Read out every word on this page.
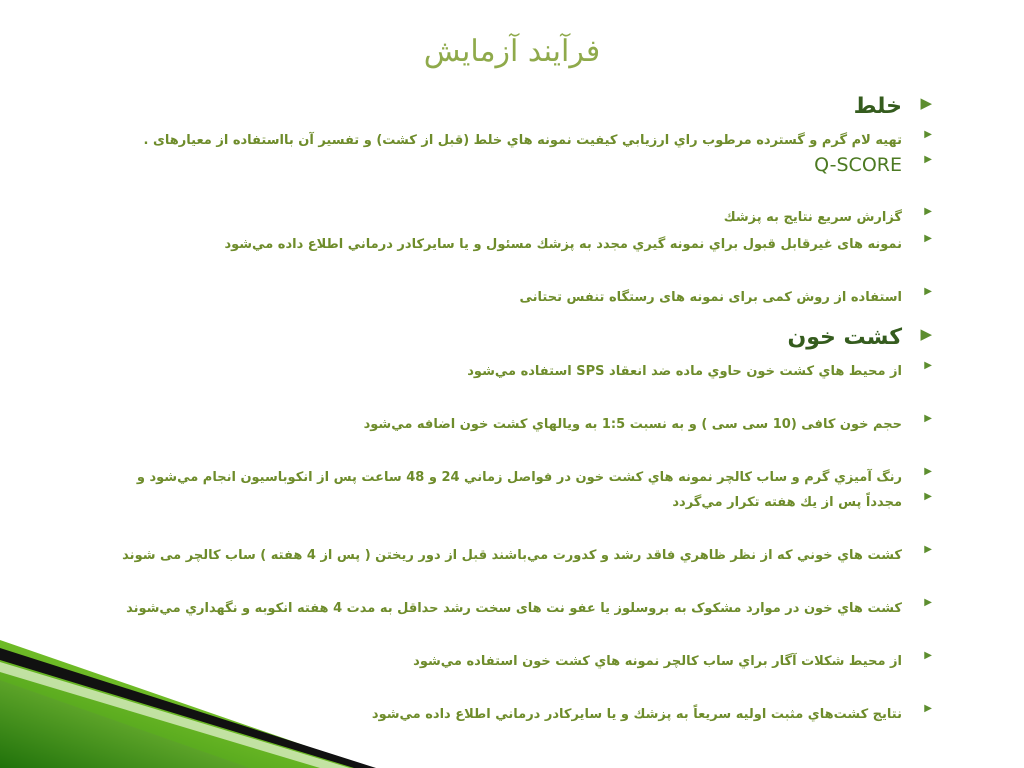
فرآيند آزمايش
▶
خلط
▶
تهيه لام گرم و گسترده مرطوب راي ارزيابي كيفيت نمونه هاي خلط (قبل از كشت) و تفسير آن بااستفاده از معيارهای .
▶
Q-SCORE
▶
گزارش سريع نتايج به پزشك
▶
نمونه های غيرقابل قبول براي نمونه گيري مجدد به پزشك مسئول و يا سايركادر درماني اطلاع داده مي‌شود
▶
استفاده از روش کمی برای نمونه های رستگاه تنفس تحتانی
▶
کشت خون
▶
از محيط هاي كشت خون حاوي ماده ضد انعقاد SPS استفاده مي‌شود
▶
حجم خون کافی (10 سی سی ) و به نسبت 1:5 به ويالهاي كشت خون اضافه مي‌شود
▶
رنگ آميزي گرم و ساب كالچر نمونه هاي كشت خون در فواصل زماني 24 و 48 ساعت پس از انكوباسيون انجام مي‌شود و
▶
مجدداً پس از يك هفته تكرار مي‌گردد
▶
كشت هاي خوني كه از نظر ظاهري فاقد رشد و كدورت مي‌باشند قبل از دور ريختن ( پس از 4 هفته ) ساب كالچر می شوند
▶
كشت هاي خون در موارد مشکوک به بروسلوز یا عفو نت های سخت رشد حداقل به مدت 4 هفته انکوبه و نگهداري مي‌شوند
▶
از محيط شكلات آگار براي ساب كالچر نمونه هاي كشت خون استفاده مي‌شود
▶
نتايج كشت‌هاي مثبت اوليه سريعاً به پزشك و يا سايركادر درماني اطلاع داده مي‌شود
